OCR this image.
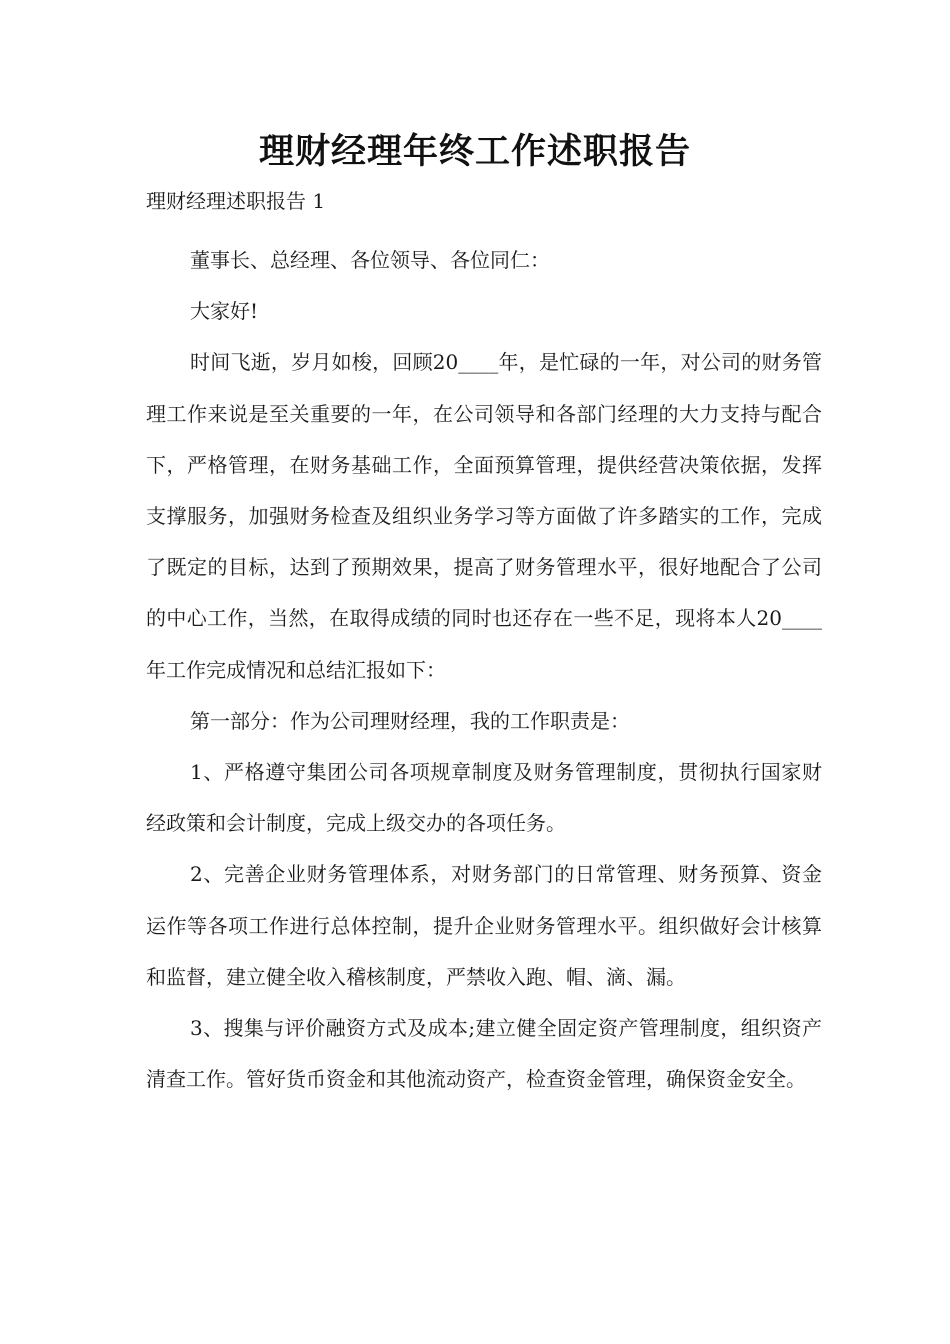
理财经理年终工作述职报告
理财经理述职报告 1

董事长、总经理、各位领导、各位同仁：

大家好!

时间飞逝，岁月如梭，回顾20____年，是忙碌的一年，对公司的财务管理工作来说是至关重要的一年，在公司领导和各部门经理的大力支持与配合下，严格管理，在财务基础工作，全面预算管理，提供经营决策依据，发挥支撑服务，加强财务检查及组织业务学习等方面做了许多踏实的工作，完成了既定的目标，达到了预期效果，提高了财务管理水平，很好地配合了公司的中心工作，当然，在取得成绩的同时也还存在一些不足，现将本人20____年工作完成情况和总结汇报如下：

第一部分：作为公司理财经理，我的工作职责是：

1、严格遵守集团公司各项规章制度及财务管理制度，贯彻执行国家财经政策和会计制度，完成上级交办的各项任务。

2、完善企业财务管理体系，对财务部门的日常管理、财务预算、资金运作等各项工作进行总体控制，提升企业财务管理水平。组织做好会计核算和监督，建立健全收入稽核制度，严禁收入跑、帽、滴、漏。

3、搜集与评价融资方式及成本;建立健全固定资产管理制度，组织资产清查工作。管好货币资金和其他流动资产，检查资金管理，确保资金安全。
